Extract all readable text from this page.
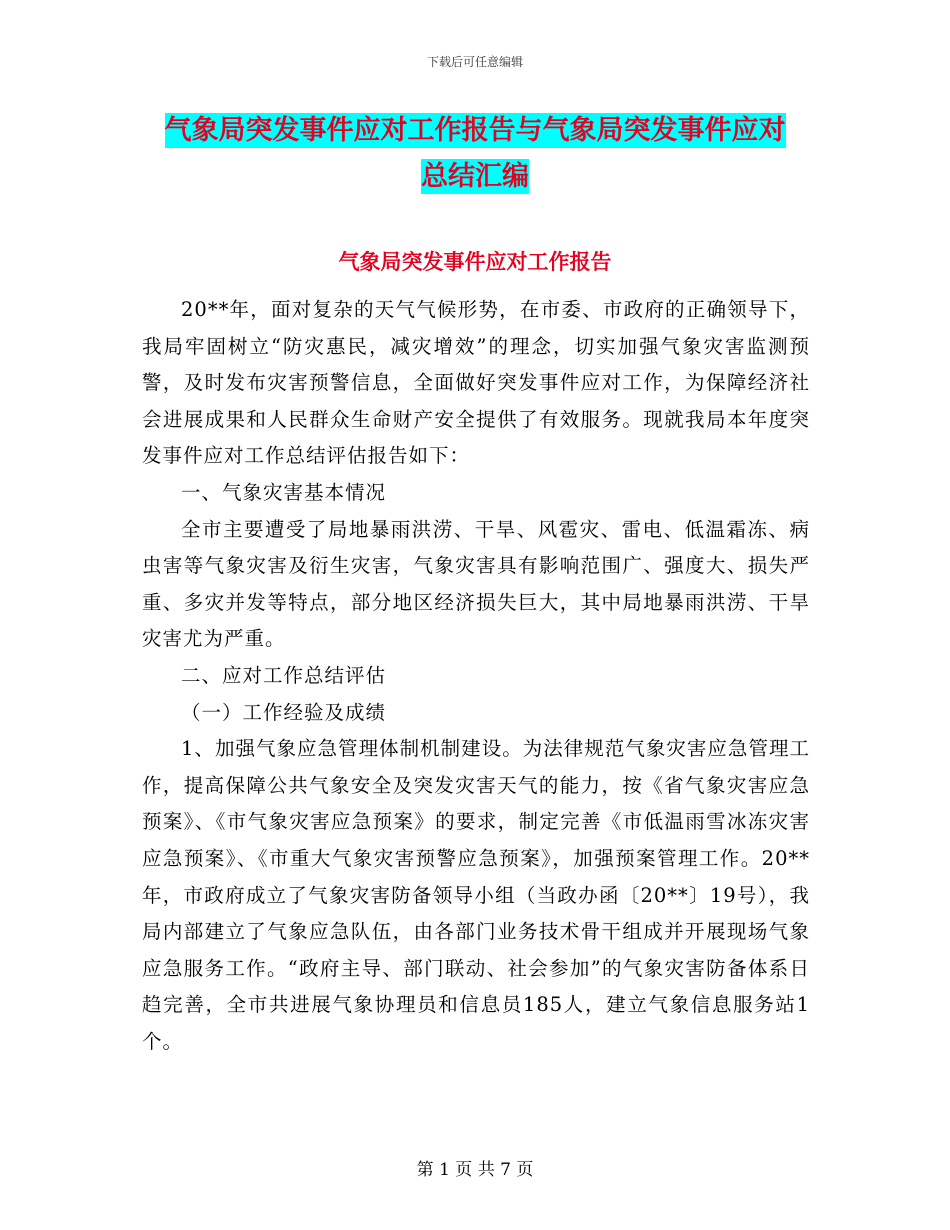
下载后可任意编辑
气象局突发事件应对工作报告与气象局突发事件应对
总结汇编
气象局突发事件应对工作报告

20**年，面对复杂的天气气候形势，在市委、市政府的正确领导下，我局牢固树立“防灾惠民，减灾增效”的理念，切实加强气象灾害监测预警，及时发布灾害预警信息，全面做好突发事件应对工作，为保障经济社会进展成果和人民群众生命财产安全提供了有效服务。现就我局本年度突发事件应对工作总结评估报告如下：

一、气象灾害基本情况

全市主要遭受了局地暴雨洪涝、干旱、风雹灾、雷电、低温霜冻、病虫害等气象灾害及衍生灾害，气象灾害具有影响范围广、强度大、损失严重、多灾并发等特点，部分地区经济损失巨大，其中局地暴雨洪涝、干旱灾害尤为严重。

二、应对工作总结评估

（一）工作经验及成绩

1、加强气象应急管理体制机制建设。为法律规范气象灾害应急管理工作，提高保障公共气象安全及突发灾害天气的能力，按《省气象灾害应急预案》、《市气象灾害应急预案》的要求，制定完善《市低温雨雪冰冻灾害应急预案》、《市重大气象灾害预警应急预案》，加强预案管理工作。20**年，市政府成立了气象灾害防备领导小组（当政办函〔20**〕19号），我局内部建立了气象应急队伍，由各部门业务技术骨干组成并开展现场气象应急服务工作。“政府主导、部门联动、社会参加”的气象灾害防备体系日趋完善，全市共进展气象协理员和信息员185人，建立气象信息服务站1个。

第 1 页 共 7 页
